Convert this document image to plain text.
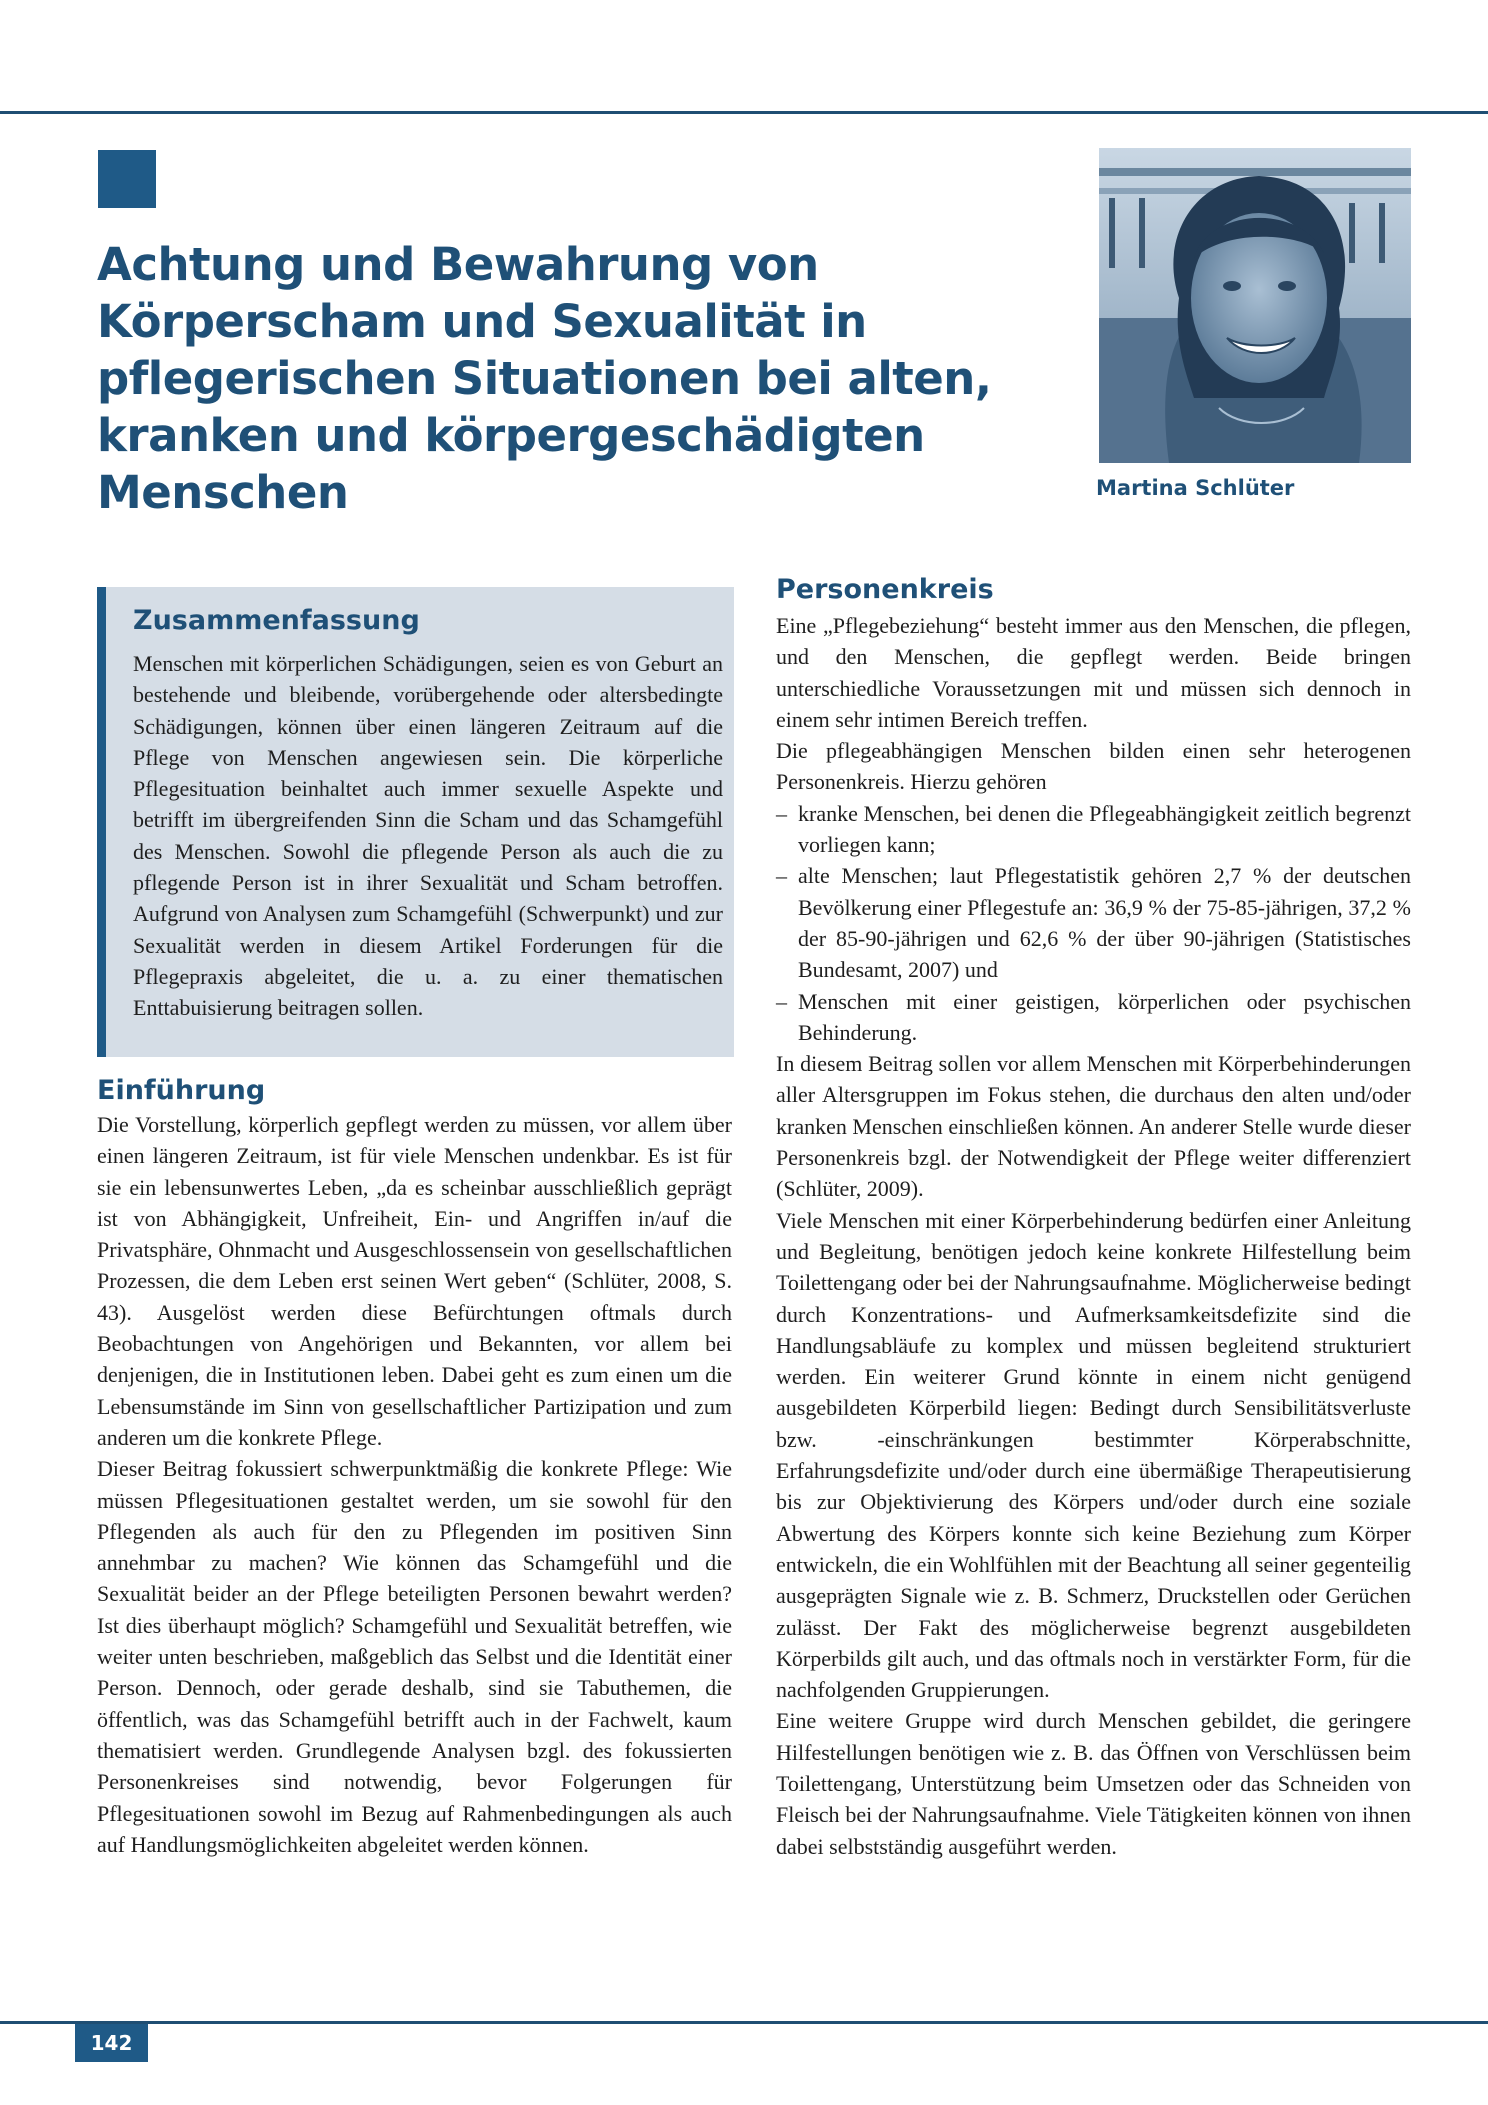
Achtung und Bewahrung von
Körperscham und Sexualität in
pflegerischen Situationen bei alten,
kranken und körpergeschädigten
Menschen	Martina Schlüter
Zusammenfassung

Menschen mit körperlichen Schädigungen, seien es von Geburt an bestehende und bleibende, vorübergehende oder altersbedingte Schädigungen, können über einen längeren Zeitraum auf die Pflege von Menschen angewiesen sein. Die körperliche Pflegesituation beinhaltet auch immer sexuelle Aspekte und betrifft im übergreifenden Sinn die Scham und das Schamgefühl des Menschen. Sowohl die pflegende Person als auch die zu pflegende Person ist in ihrer Sexualität und Scham betroffen. Aufgrund von Analysen zum Schamgefühl (Schwerpunkt) und zur Sexualität werden in diesem Artikel Forderungen für die Pflegepraxis abgeleitet, die u. a. zu einer thematischen Enttabuisierung beitragen sollen.

Einführung

Die Vorstellung, körperlich gepflegt werden zu müssen, vor allem über einen längeren Zeitraum, ist für viele Menschen undenkbar. Es ist für sie ein lebensunwertes Leben, „da es scheinbar ausschließlich geprägt ist von Abhängigkeit, Unfreiheit, Ein- und Angriffen in/auf die Privatsphäre, Ohnmacht und Ausgeschlossensein von gesellschaftlichen Prozessen, die dem Leben erst seinen Wert geben“ (Schlüter, 2008, S. 43). Ausgelöst werden diese Befürchtungen oftmals durch Beobachtungen von Angehörigen und Bekannten, vor allem bei denjenigen, die in Institutionen leben. Dabei geht es zum einen um die Lebensumstände im Sinn von gesellschaftlicher Partizipation und zum anderen um die konkrete Pflege.

Dieser Beitrag fokussiert schwerpunktmäßig die konkrete Pflege: Wie müssen Pflegesituationen gestaltet werden, um sie sowohl für den Pflegenden als auch für den zu Pflegenden im positiven Sinn annehmbar zu machen? Wie können das Schamgefühl und die Sexualität beider an der Pflege beteiligten Personen bewahrt werden? Ist dies überhaupt möglich? Schamgefühl und Sexualität betreffen, wie weiter unten beschrieben, maßgeblich das Selbst und die Identität einer Person. Dennoch, oder gerade deshalb, sind sie Tabuthemen, die öffentlich, was das Schamgefühl betrifft auch in der Fachwelt, kaum thematisiert werden. Grundlegende Analysen bzgl. des fokussierten Personenkreises sind notwendig, bevor Folgerungen für Pflegesituationen sowohl im Bezug auf Rahmenbedingungen als auch auf Handlungsmöglichkeiten abgeleitet werden können.

Personenkreis

Eine „Pflegebeziehung“ besteht immer aus den Menschen, die pflegen, und den Menschen, die gepflegt werden. Beide bringen unterschiedliche Voraussetzungen mit und müssen sich dennoch in einem sehr intimen Bereich treffen.

Die pflegeabhängigen Menschen bilden einen sehr heterogenen Personenkreis. Hierzu gehören

– kranke Menschen, bei denen die Pflegeabhängigkeit zeitlich begrenzt vorliegen kann;
– alte Menschen; laut Pflegestatistik gehören 2,7 % der deutschen Bevölkerung einer Pflegestufe an: 36,9 % der 75-85-jährigen, 37,2 % der 85-90-jährigen und 62,6 % der über 90-jährigen (Statistisches Bundesamt, 2007) und
– Menschen mit einer geistigen, körperlichen oder psychischen Behinderung.

In diesem Beitrag sollen vor allem Menschen mit Körperbehinderungen aller Altersgruppen im Fokus stehen, die durchaus den alten und/oder kranken Menschen einschließen können. An anderer Stelle wurde dieser Personenkreis bzgl. der Notwendigkeit der Pflege weiter differenziert (Schlüter, 2009).

Viele Menschen mit einer Körperbehinderung bedürfen einer Anleitung und Begleitung, benötigen jedoch keine konkrete Hilfestellung beim Toilettengang oder bei der Nahrungsaufnahme. Möglicherweise bedingt durch Konzentrations- und Aufmerksamkeitsdefizite sind die Handlungsabläufe zu komplex und müssen begleitend strukturiert werden. Ein weiterer Grund könnte in einem nicht genügend ausgebildeten Körperbild liegen: Bedingt durch Sensibilitätsverluste bzw. -einschränkungen bestimmter Körperabschnitte, Erfahrungsdefizite und/oder durch eine übermäßige Therapeutisierung bis zur Objektivierung des Körpers und/oder durch eine soziale Abwertung des Körpers konnte sich keine Beziehung zum Körper entwickeln, die ein Wohlfühlen mit der Beachtung all seiner gegenteilig ausgeprägten Signale wie z. B. Schmerz, Druckstellen oder Gerüchen zulässt. Der Fakt des möglicherweise begrenzt ausgebildeten Körperbilds gilt auch, und das oftmals noch in verstärkter Form, für die nachfolgenden Gruppierungen.

Eine weitere Gruppe wird durch Menschen gebildet, die geringere Hilfestellungen benötigen wie z. B. das Öffnen von Verschlüssen beim Toilettengang, Unterstützung beim Umsetzen oder das Schneiden von Fleisch bei der Nahrungsaufnahme. Viele Tätigkeiten können von ihnen dabei selbstständig ausgeführt werden.

142
